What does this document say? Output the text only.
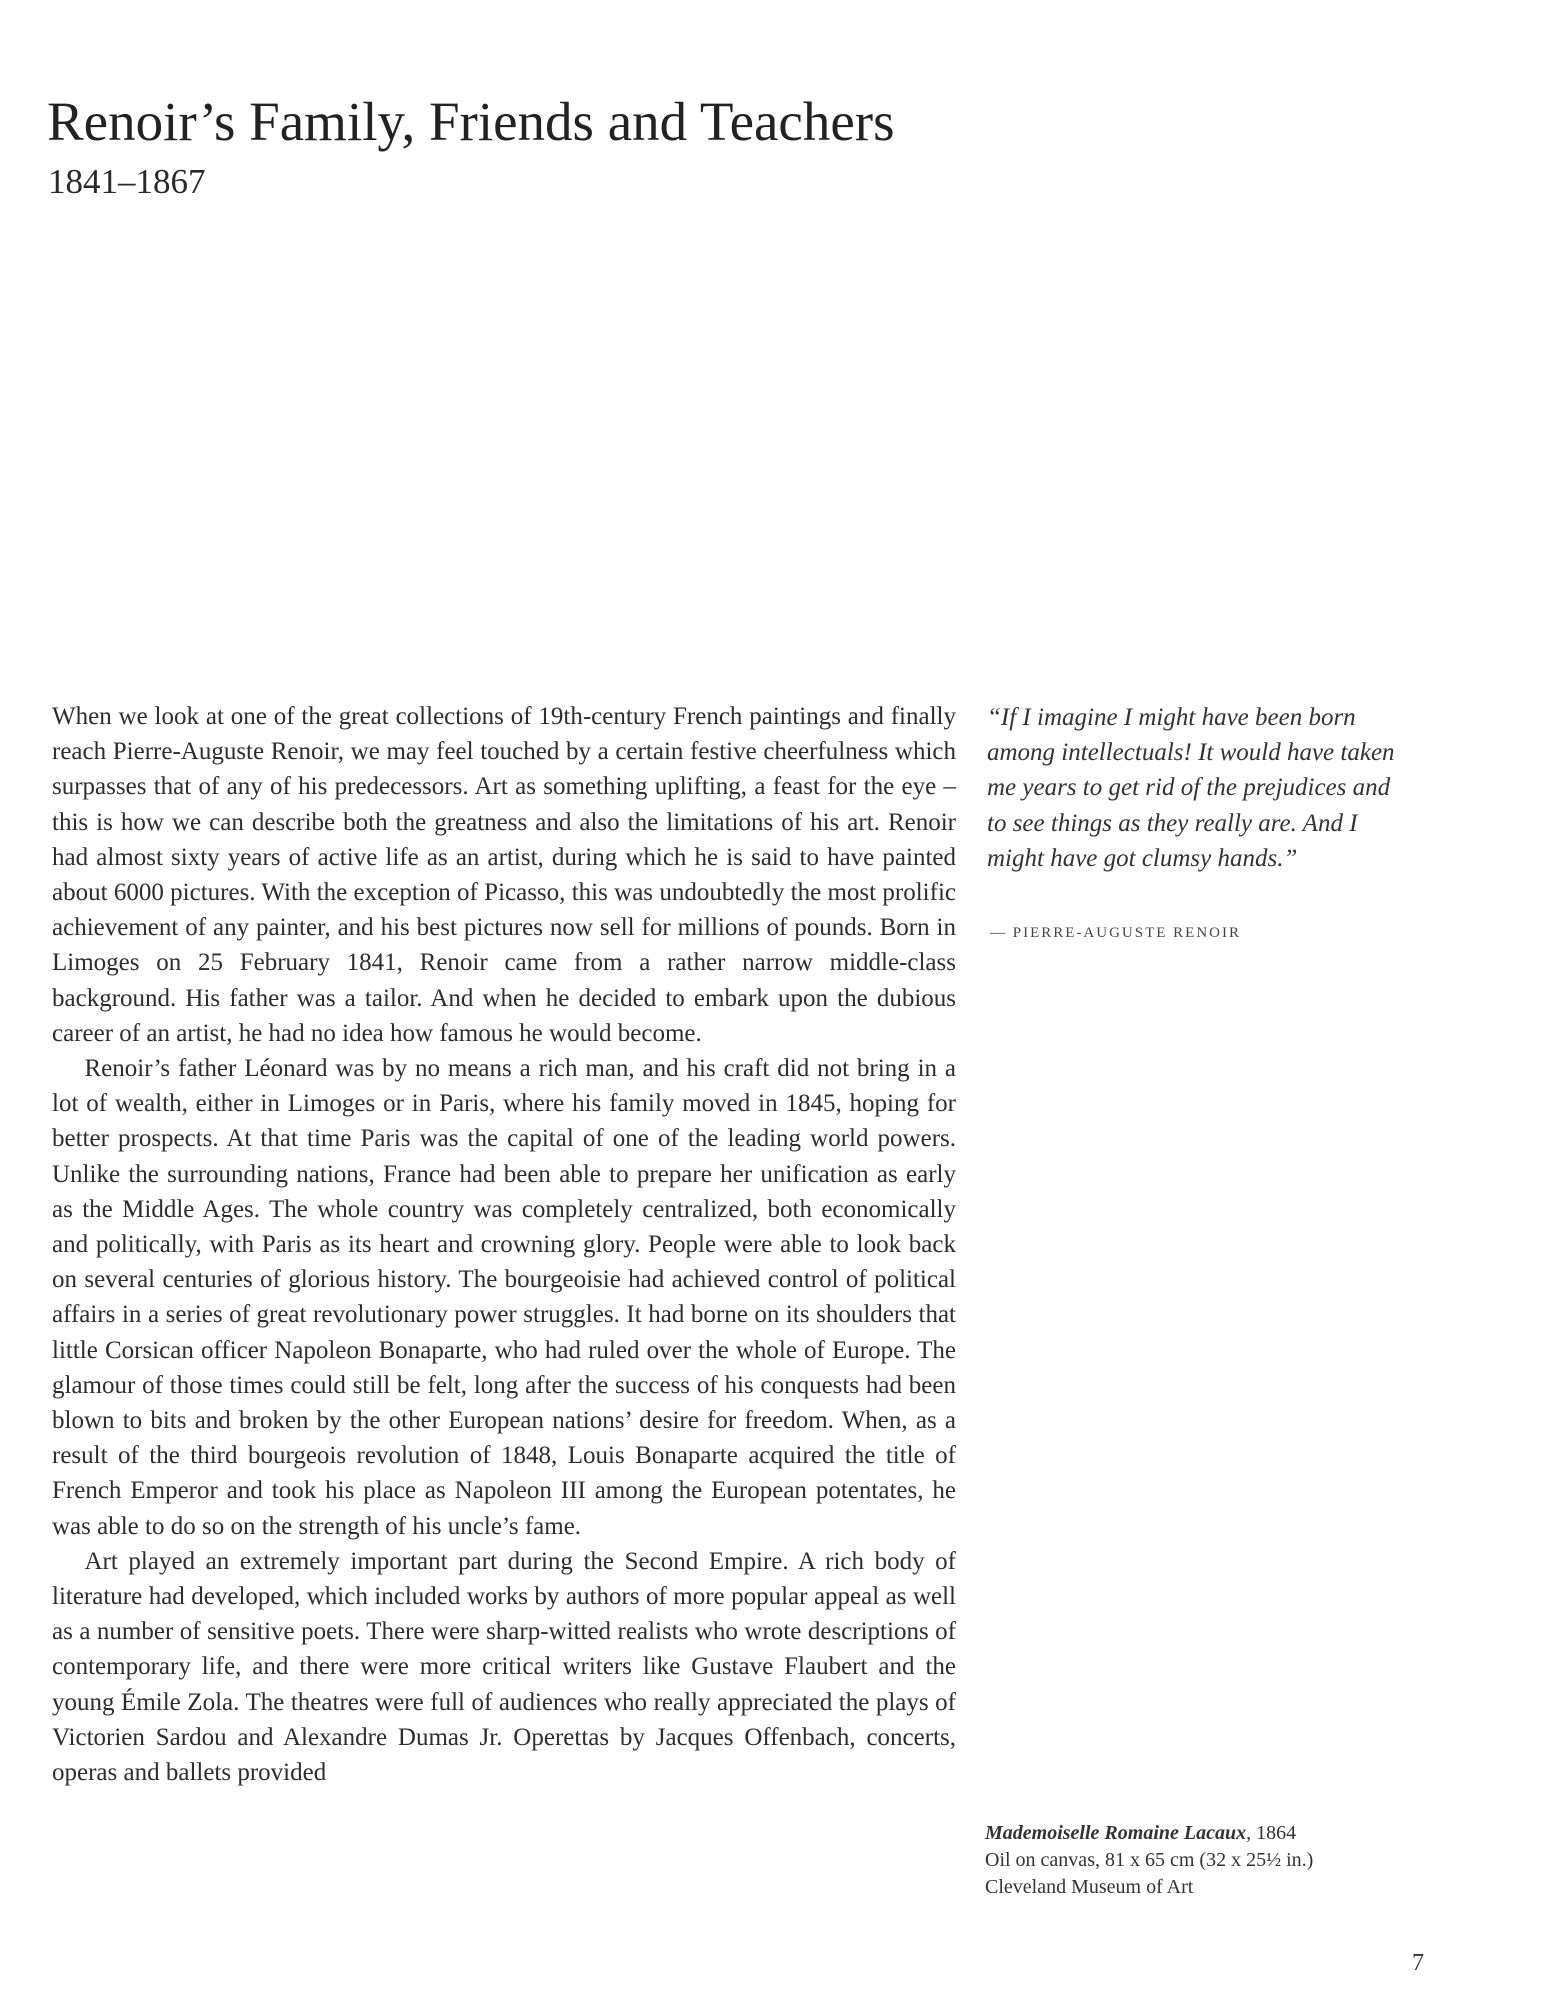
Renoir’s Family, Friends and Teachers
1841–1867

When we look at one of the great collections of 19th-century French paintings and finally reach Pierre-Auguste Renoir, we may feel touched by a certain festive cheerfulness which surpasses that of any of his predecessors. Art as something uplifting, a feast for the eye – this is how we can describe both the greatness and also the limitations of his art. Renoir had almost sixty years of active life as an artist, during which he is said to have painted about 6000 pictures. With the exception of Picasso, this was undoubtedly the most prolific achievement of any painter, and his best pictures now sell for millions of pounds. Born in Limoges on 25 February 1841, Renoir came from a rather narrow middle-class background. His father was a tailor. And when he decided to embark upon the dubious career of an artist, he had no idea how famous he would become.

Renoir’s father Léonard was by no means a rich man, and his craft did not bring in a lot of wealth, either in Limoges or in Paris, where his family moved in 1845, hoping for better prospects. At that time Paris was the capital of one of the leading world powers. Unlike the surrounding nations, France had been able to prepare her unification as early as the Middle Ages. The whole country was completely centralized, both economically and politically, with Paris as its heart and crowning glory. People were able to look back on several centuries of glorious history. The bourgeoisie had achieved control of political affairs in a series of great revolutionary power struggles. It had borne on its shoulders that little Corsican officer Napoleon Bonaparte, who had ruled over the whole of Europe. The glamour of those times could still be felt, long after the success of his conquests had been blown to bits and broken by the other European nations’ desire for freedom. When, as a result of the third bourgeois revolution of 1848, Louis Bonaparte acquired the title of French Emperor and took his place as Napoleon III among the European potentates, he was able to do so on the strength of his uncle’s fame.

Art played an extremely important part during the Second Empire. A rich body of literature had developed, which included works by authors of more popular appeal as well as a number of sensitive poets. There were sharp-witted realists who wrote descriptions of contemporary life, and there were more critical writers like Gustave Flaubert and the young Émile Zola. The theatres were full of audiences who really appreciated the plays of Victorien Sardou and Alexandre Dumas Jr. Operettas by Jacques Offenbach, concerts, operas and ballets provided

“If I imagine I might have been born among intellectuals! It would have taken me years to get rid of the prejudices and to see things as they really are. And I might have got clumsy hands.”

— PIERRE-AUGUSTE RENOIR
Mademoiselle Romaine Lacaux, 1864
Oil on canvas, 81 x 65 cm (32 x 25½ in.)
Cleveland Museum of Art
7
